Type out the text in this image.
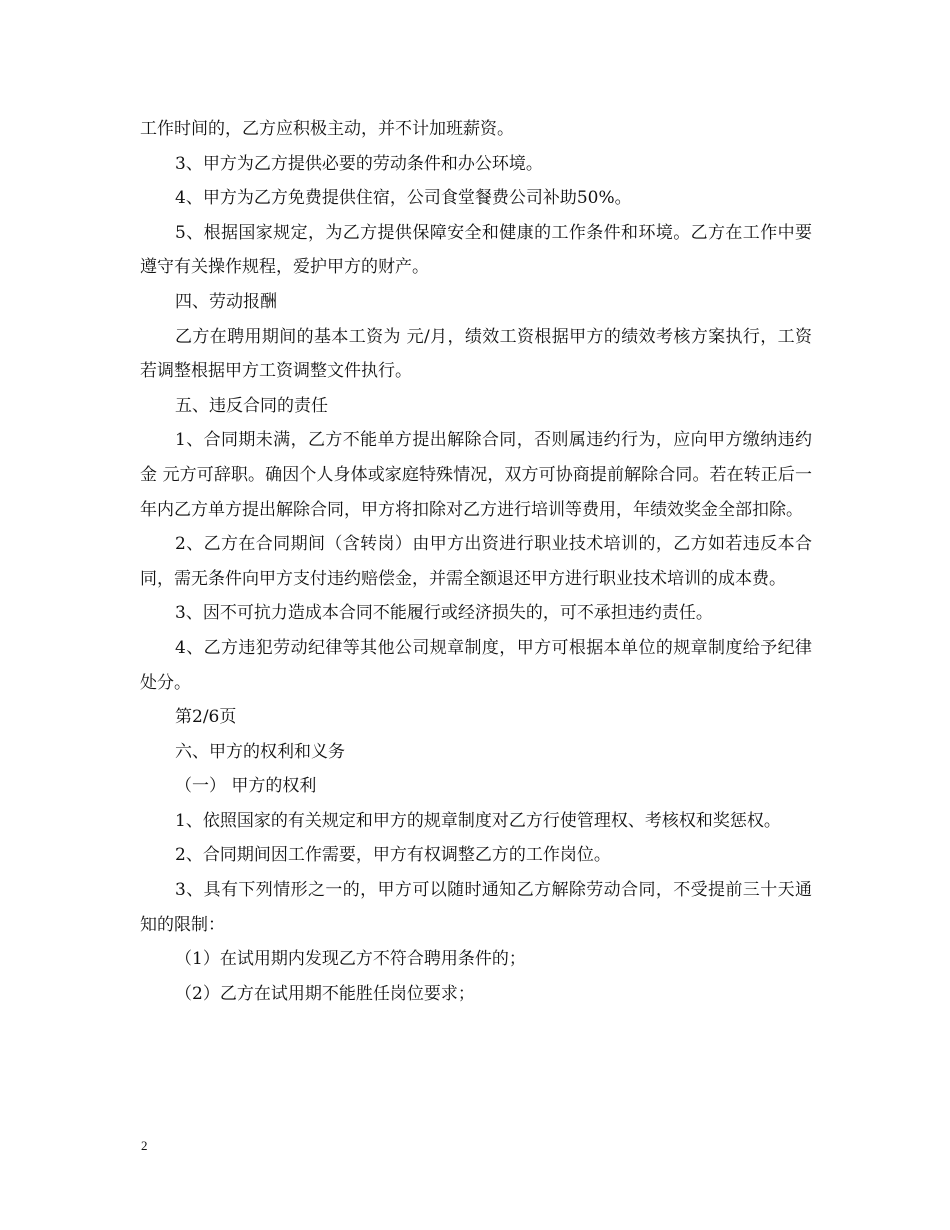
工作时间的，乙方应积极主动，并不计加班薪资。

3、甲方为乙方提供必要的劳动条件和办公环境。

4、甲方为乙方免费提供住宿，公司食堂餐费公司补助50%。

5、根据国家规定，为乙方提供保障安全和健康的工作条件和环境。乙方在工作中要遵守有关操作规程，爱护甲方的财产。

四、劳动报酬

乙方在聘用期间的基本工资为 元/月，绩效工资根据甲方的绩效考核方案执行，工资若调整根据甲方工资调整文件执行。

五、违反合同的责任

1、合同期未满，乙方不能单方提出解除合同，否则属违约行为，应向甲方缴纳违约金 元方可辞职。确因个人身体或家庭特殊情况，双方可协商提前解除合同。若在转正后一年内乙方单方提出解除合同，甲方将扣除对乙方进行培训等费用，年绩效奖金全部扣除。

2、乙方在合同期间（含转岗）由甲方出资进行职业技术培训的，乙方如若违反本合同，需无条件向甲方支付违约赔偿金，并需全额退还甲方进行职业技术培训的成本费。

3、因不可抗力造成本合同不能履行或经济损失的，可不承担违约责任。

4、乙方违犯劳动纪律等其他公司规章制度，甲方可根据本单位的规章制度给予纪律处分。

第2/6页

六、甲方的权利和义务

（一） 甲方的权利

1、依照国家的有关规定和甲方的规章制度对乙方行使管理权、考核权和奖惩权。

2、合同期间因工作需要，甲方有权调整乙方的工作岗位。

3、具有下列情形之一的，甲方可以随时通知乙方解除劳动合同，不受提前三十天通知的限制：

（1）在试用期内发现乙方不符合聘用条件的；

（2）乙方在试用期不能胜任岗位要求；

2
